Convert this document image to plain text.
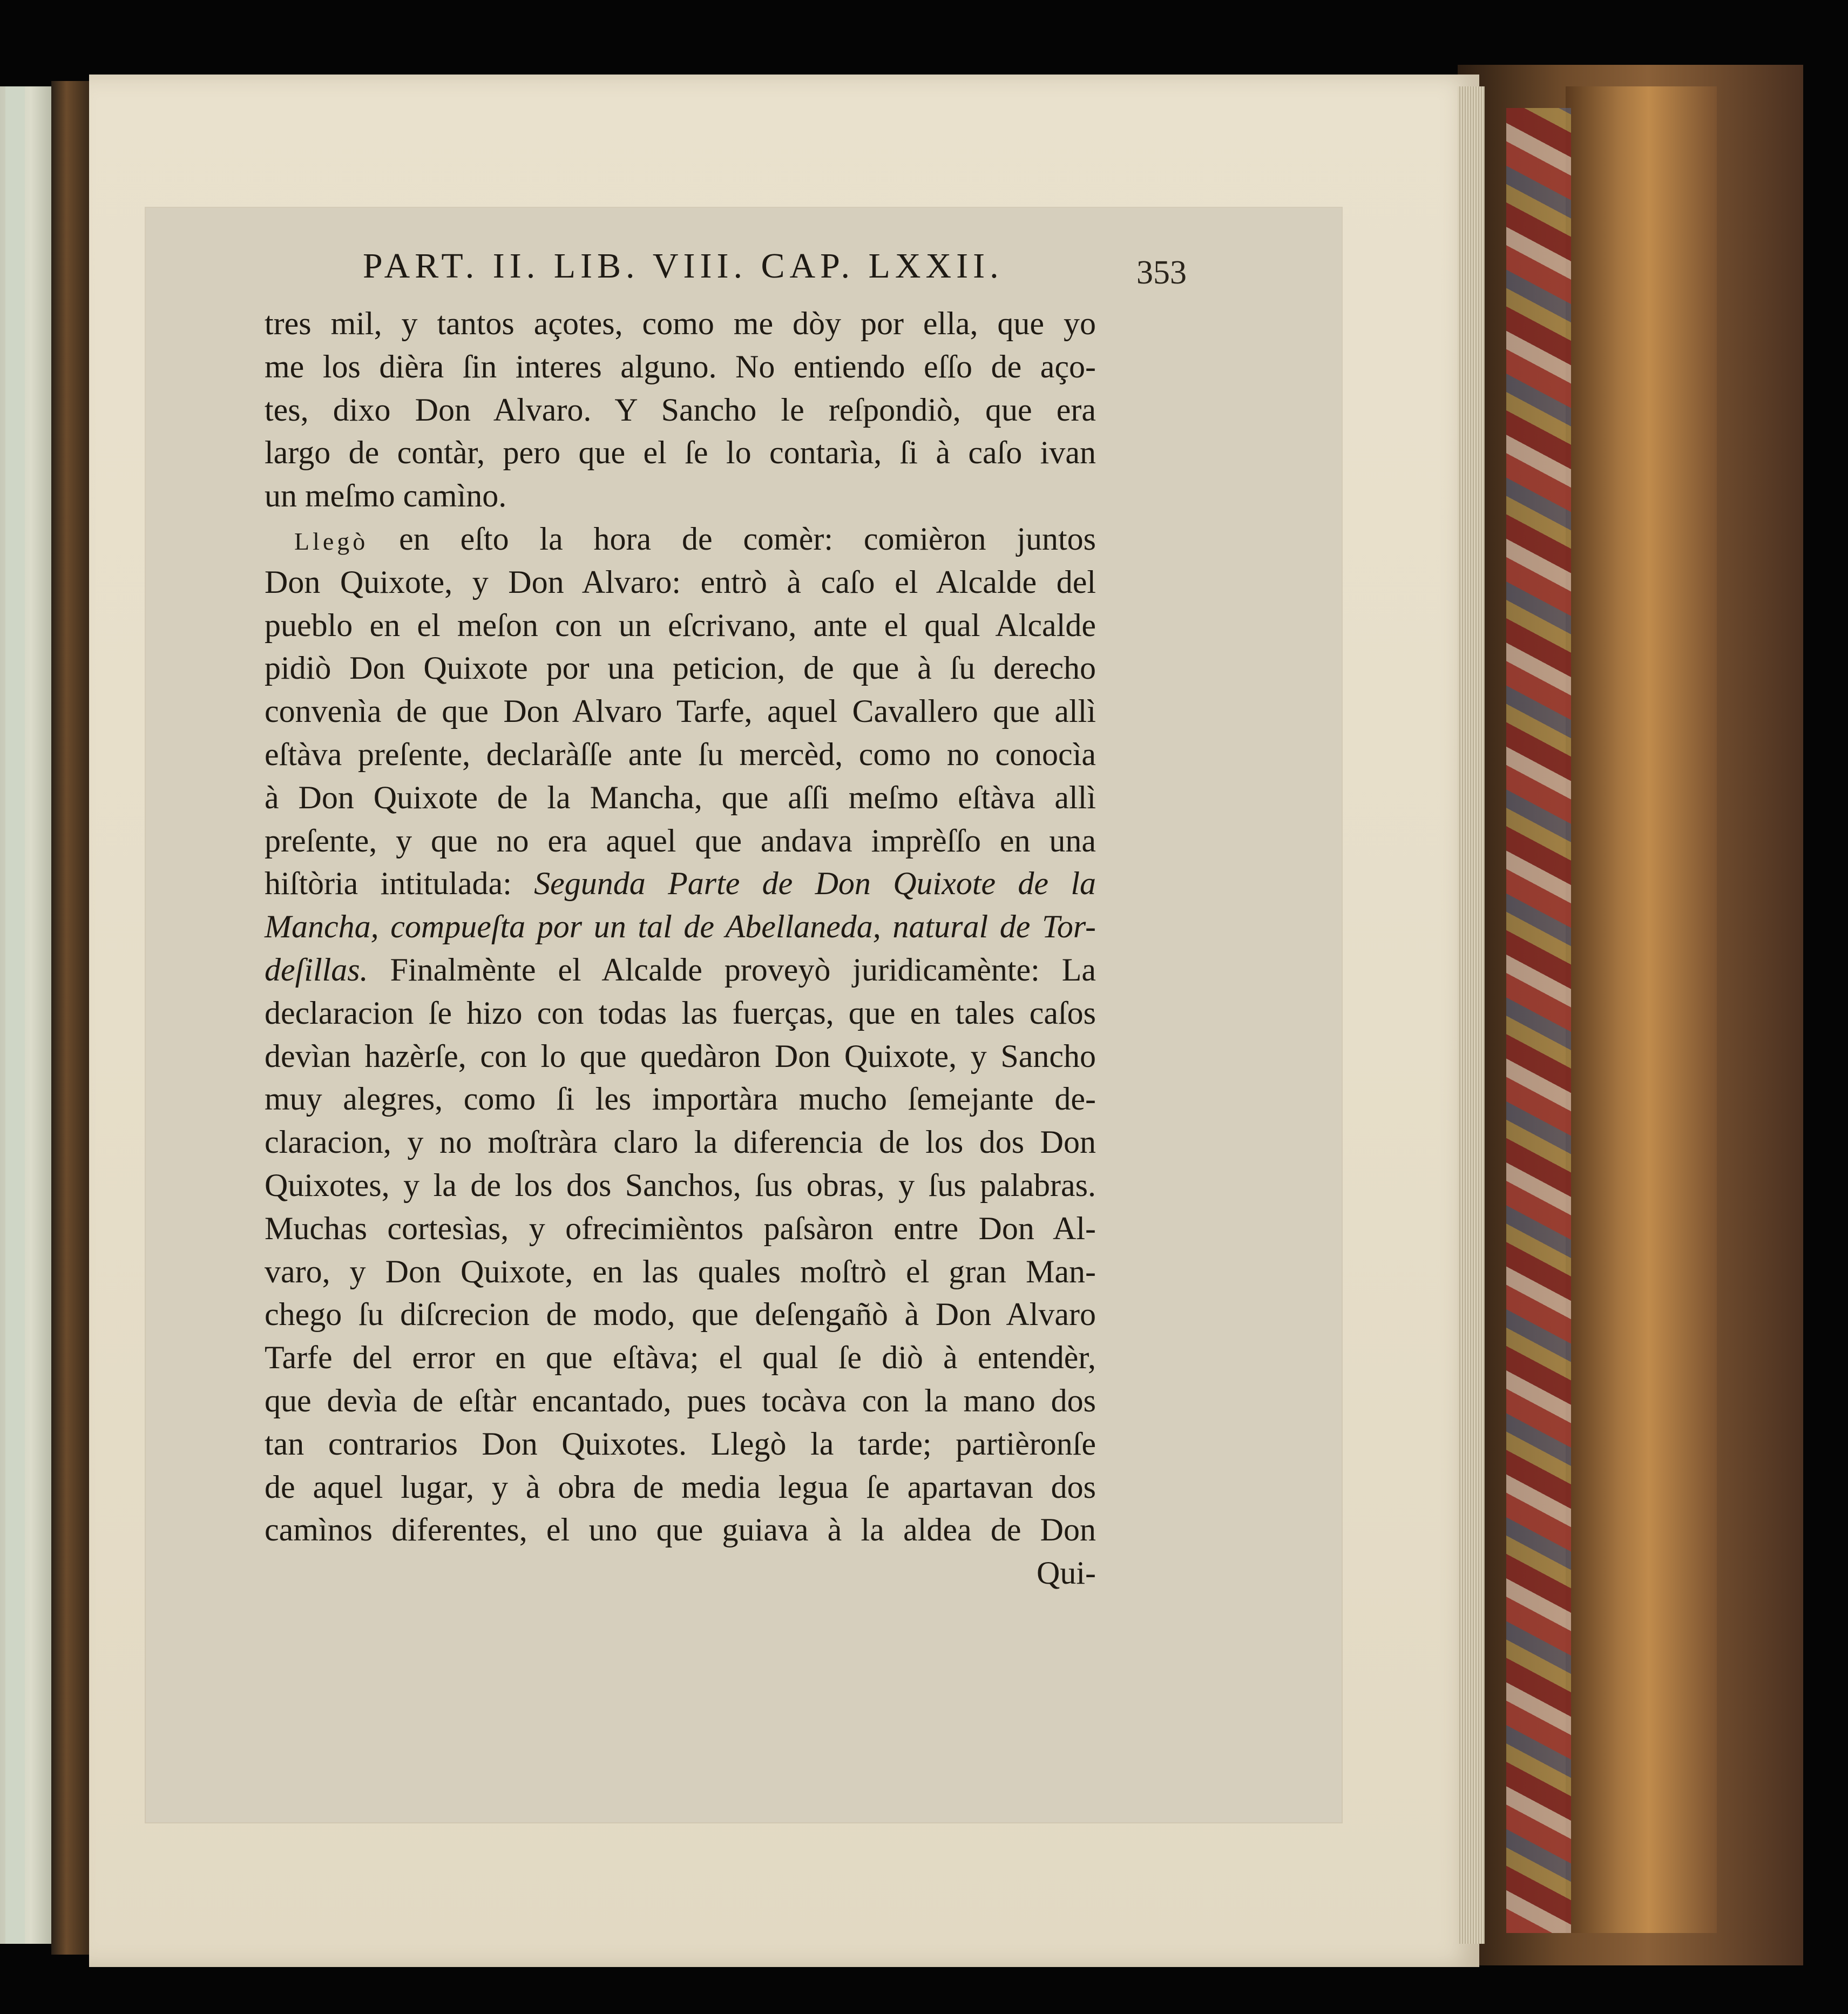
PART. II. LIB. VIII. CAP. LXXII.	353
tres mil, y tantos açotes, como me dòy por ella, que yo
me los dièra ſin interes alguno. No entiendo eſſo de aço-
tes, dixo Don Alvaro. Y Sancho le reſpondiò, que era
largo de contàr, pero que el ſe lo contarìa, ſi à caſo ivan
un meſmo camìno.
Llegò en eſto la hora de comèr: comièron juntos
Don Quixote, y Don Alvaro: entrò à caſo el Alcalde del
pueblo en el meſon con un eſcrivano, ante el qual Alcalde
pidiò Don Quixote por una peticion, de que à ſu derecho
convenìa de que Don Alvaro Tarfe, aquel Cavallero que allì
eſtàva preſente, declaràſſe ante ſu mercèd, como no conocìa
à Don Quixote de la Mancha, que aſſi meſmo eſtàva allì
preſente, y que no era aquel que andava imprèſſo en una
hiſtòria intitulada: Segunda Parte de Don Quixote de la
Mancha, compueſta por un tal de Abellaneda, natural de Tor-
deſillas. Finalmènte el Alcalde proveyò juridicamènte: La
declaracion ſe hizo con todas las fuerças, que en tales caſos
devìan hazèrſe, con lo que quedàron Don Quixote, y Sancho
muy alegres, como ſi les importàra mucho ſemejante de-
claracion, y no moſtràra claro la diferencia de los dos Don
Quixotes, y la de los dos Sanchos, ſus obras, y ſus palabras.
Muchas cortesìas, y ofrecimièntos paſsàron entre Don Al-
varo, y Don Quixote, en las quales moſtrò el gran Man-
chego ſu diſcrecion de modo, que deſengañò à Don Alvaro
Tarfe del error en que eſtàva; el qual ſe diò à entendèr,
que devìa de eſtàr encantado, pues tocàva con la mano dos
tan contrarios Don Quixotes. Llegò la tarde; partièronſe
de aquel lugar, y à obra de media legua ſe apartavan dos
camìnos diferentes, el uno que guiava à la aldea de Don
Qui-
